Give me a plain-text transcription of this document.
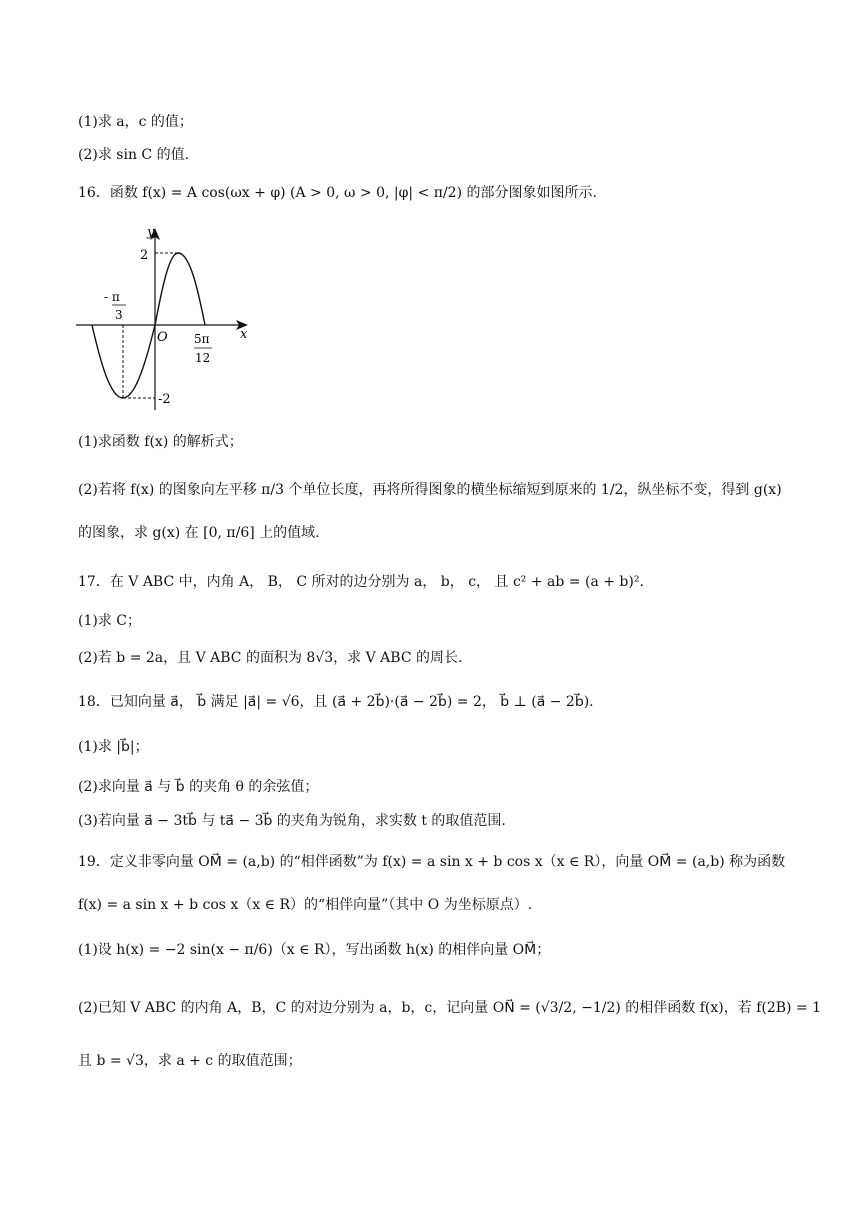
(1)求 a，c 的值；
(2)求 sin C 的值.
16．函数 f(x) = A cos(ωx + φ) (A > 0, ω > 0, |φ| < π/2) 的部分图象如图所示.
y
x
O
2
-2
- π
3
5π
12
(1)求函数 f(x) 的解析式；
(2)若将 f(x) 的图象向左平移 π/3 个单位长度，再将所得图象的横坐标缩短到原来的 1/2，纵坐标不变，得到 g(x)
的图象，求 g(x) 在 [0, π/6] 上的值域.
17．在 V ABC 中，内角 A， B， C 所对的边分别为 a， b， c， 且 c² + ab = (a + b)².
(1)求 C；
(2)若 b = 2a，且 V ABC 的面积为 8√3，求 V ABC 的周长.
18．已知向量 a⃗， b⃗ 满足 |a⃗| = √6，且 (a⃗ + 2b⃗)·(a⃗ − 2b⃗) = 2， b⃗ ⊥ (a⃗ − 2b⃗).
(1)求 |b⃗|；
(2)求向量 a⃗ 与 b⃗ 的夹角 θ 的余弦值；
(3)若向量 a⃗ − 3tb⃗ 与 ta⃗ − 3b⃗ 的夹角为锐角，求实数 t 的取值范围.
19．定义非零向量 OM⃗ = (a,b) 的“相伴函数”为 f(x) = a sin x + b cos x（x ∈ R），向量 OM⃗ = (a,b) 称为函数
f(x) = a sin x + b cos x（x ∈ R）的“相伴向量”（其中 O 为坐标原点）.
(1)设 h(x) = −2 sin(x − π/6)（x ∈ R），写出函数 h(x) 的相伴向量 OM⃗；
(2)已知 V ABC 的内角 A，B，C 的对边分别为 a，b，c，记向量 ON⃗ = (√3/2, −1/2) 的相伴函数 f(x)，若 f(2B) = 1
且 b = √3，求 a + c 的取值范围；
